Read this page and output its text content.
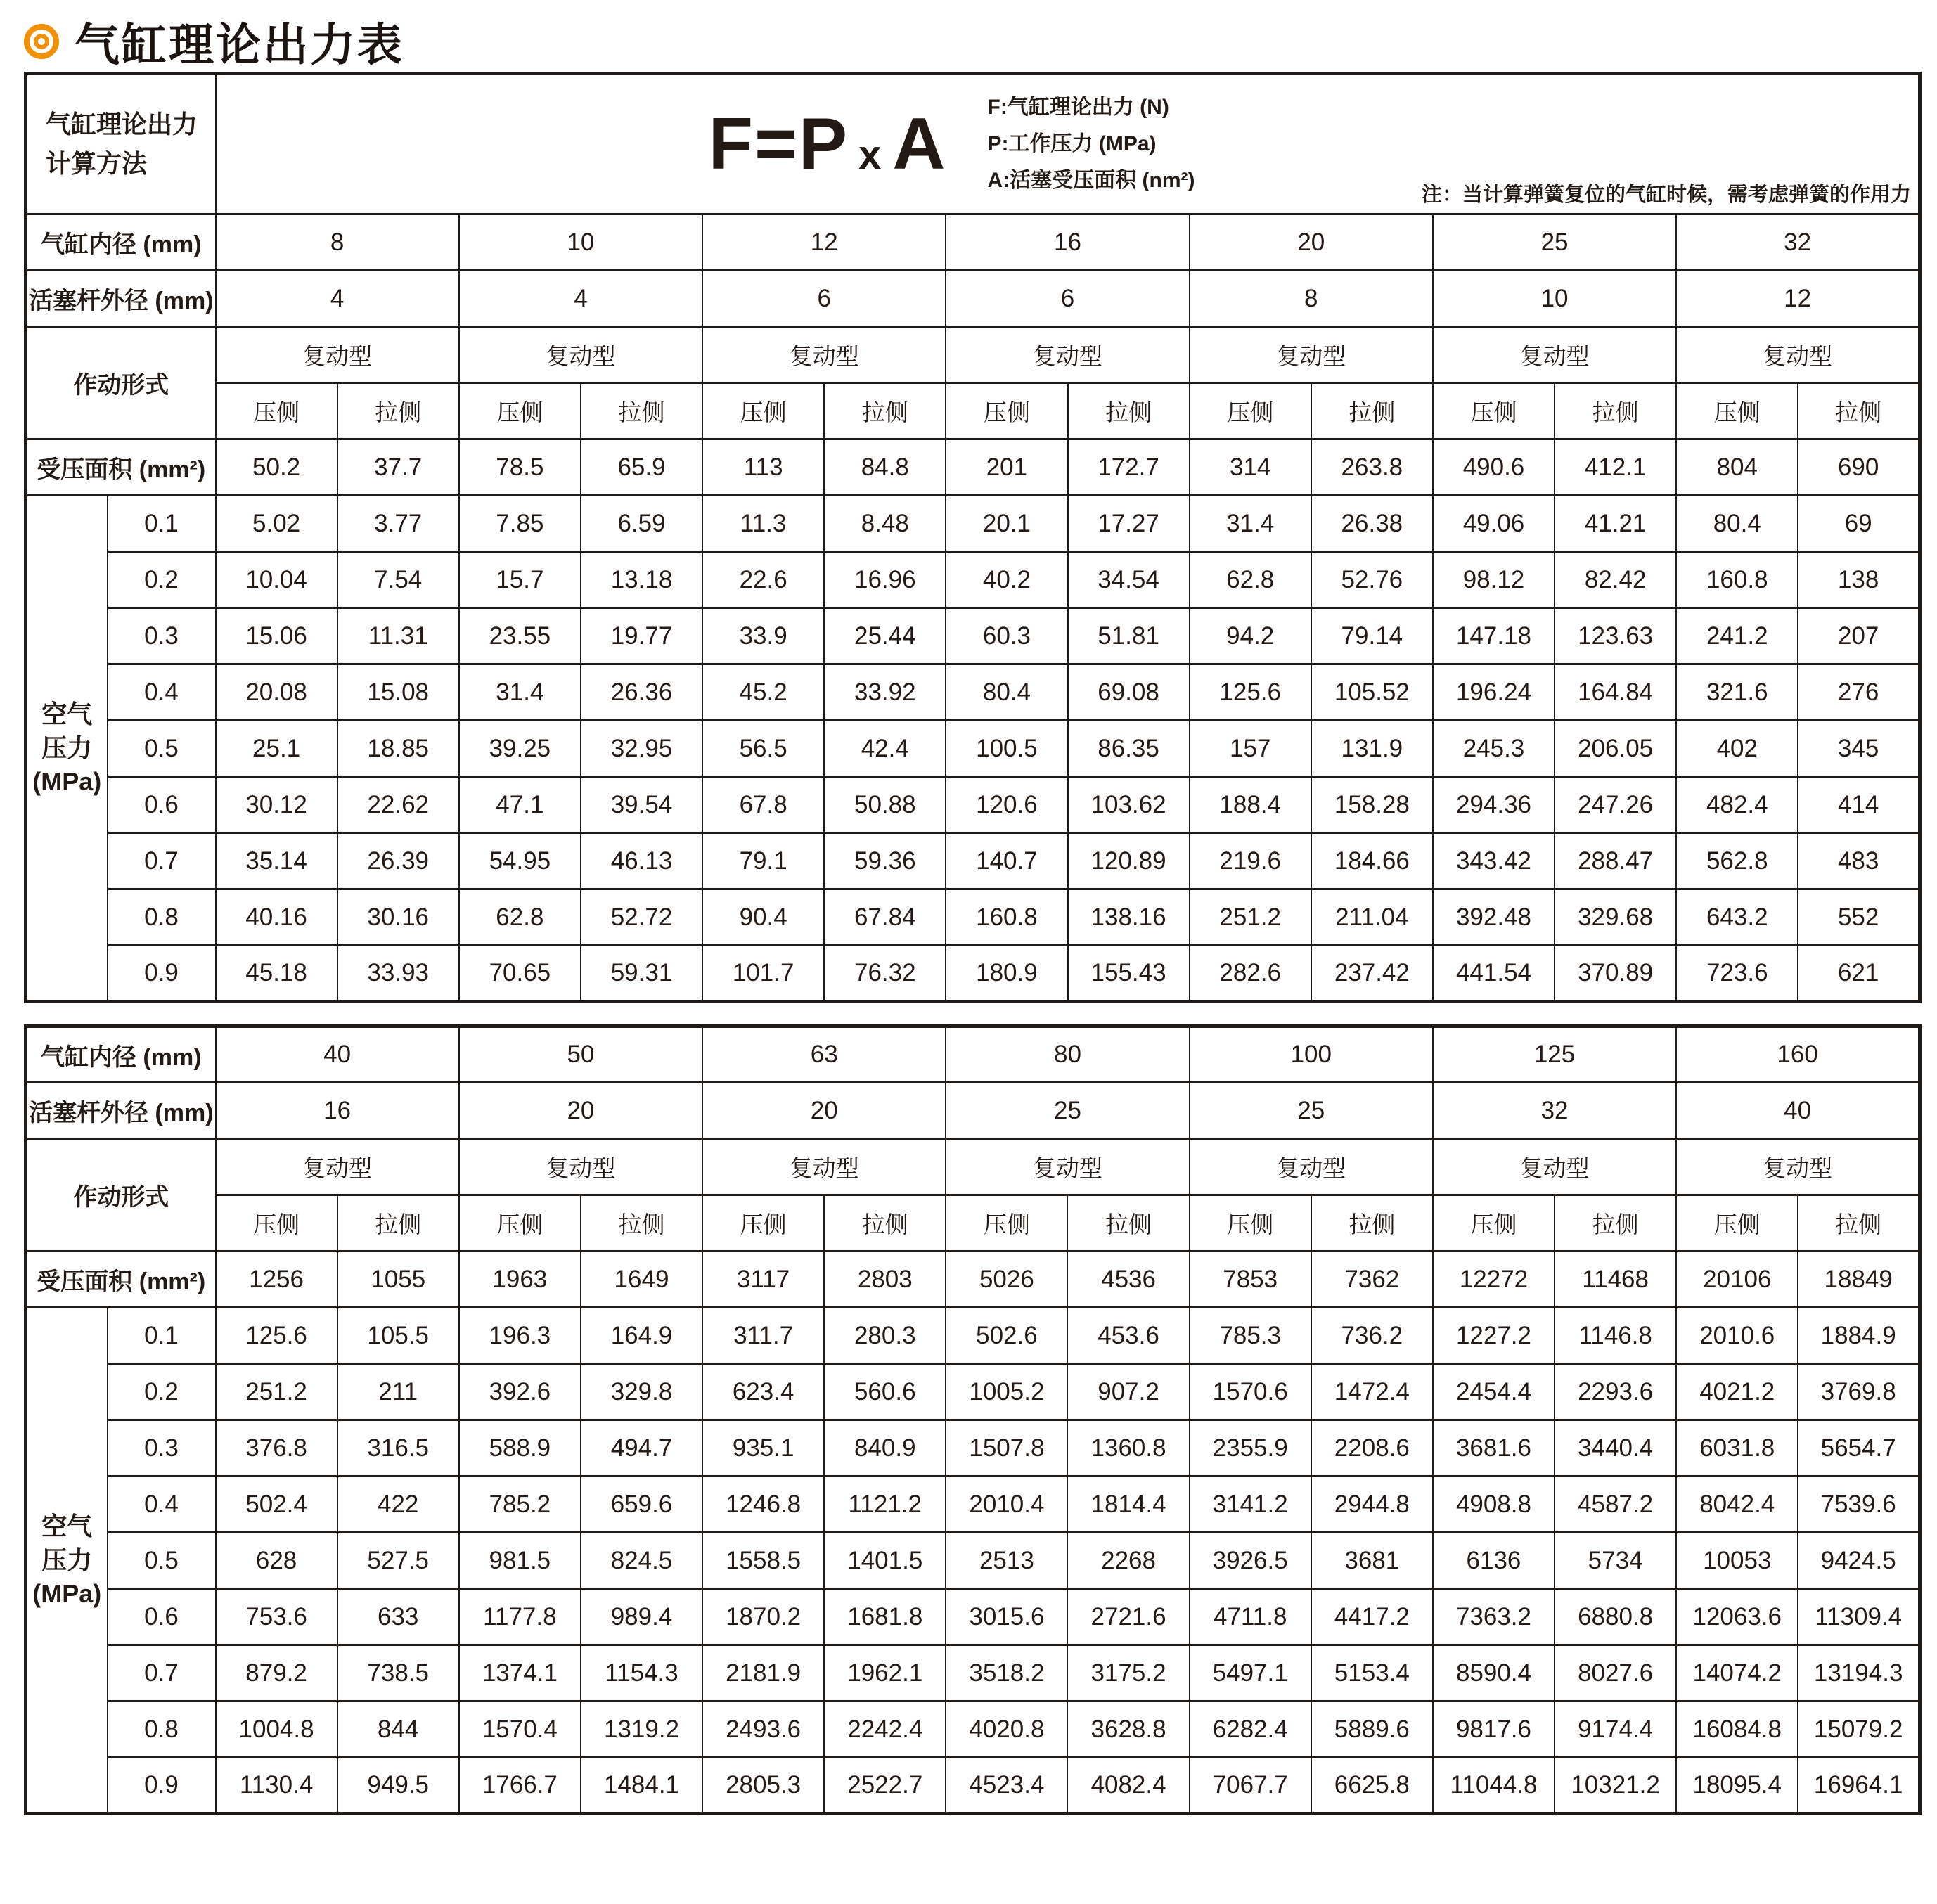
气缸理论出力表
气缸理论出力
计算方法	F=P x A F:气缸理论出力 (N)
P:工作压力 (MPa)
A:活塞受压面积 (nm²)
注：当计算弹簧复位的气缸时候，需考虑弹簧的作用力

气缸内径 (mm)		8		10		12		16		20		25		32	
活塞杆外径 (mm)		4		4		6		6		8		10		12	
作动形式		复动型		复动型		复动型		复动型		复动型		复动型		复动型	
		压侧	拉侧	压侧	拉侧	压侧	拉侧	压侧	拉侧	压侧	拉侧	压侧	拉侧	压侧	拉侧
受压面积 (mm²)		50.2	37.7	78.5	65.9	113	84.8	201	172.7	314	263.8	490.6	412.1	804	690

空气
压力
(MPa)	0.1	5.02	3.77	7.85	6.59	11.3	8.48	20.1	17.27	31.4	26.38	49.06	41.21	80.4	69
	0.2	10.04	7.54	15.7	13.18	22.6	16.96	40.2	34.54	62.8	52.76	98.12	82.42	160.8	138
	0.3	15.06	11.31	23.55	19.77	33.9	25.44	60.3	51.81	94.2	79.14	147.18	123.63	241.2	207
	0.4	20.08	15.08	31.4	26.36	45.2	33.92	80.4	69.08	125.6	105.52	196.24	164.84	321.6	276
	0.5	25.1	18.85	39.25	32.95	56.5	42.4	100.5	86.35	157	131.9	245.3	206.05	402	345
	0.6	30.12	22.62	47.1	39.54	67.8	50.88	120.6	103.62	188.4	158.28	294.36	247.26	482.4	414
	0.7	35.14	26.39	54.95	46.13	79.1	59.36	140.7	120.89	219.6	184.66	343.42	288.47	562.8	483
	0.8	40.16	30.16	62.8	52.72	90.4	67.84	160.8	138.16	251.2	211.04	392.48	329.68	643.2	552
	0.9	45.18	33.93	70.65	59.31	101.7	76.32	180.9	155.43	282.6	237.42	441.54	370.89	723.6	621
气缸内径 (mm)		40		50		63		80		100		125		160	
活塞杆外径 (mm)		16		20		20		25		25		32		40	
作动形式		复动型		复动型		复动型		复动型		复动型		复动型		复动型	
		压侧	拉侧	压侧	拉侧	压侧	拉侧	压侧	拉侧	压侧	拉侧	压侧	拉侧	压侧	拉侧
受压面积 (mm²)		1256	1055	1963	1649	3117	2803	5026	4536	7853	7362	12272	11468	20106	18849

空气
压力
(MPa)	0.1	125.6	105.5	196.3	164.9	311.7	280.3	502.6	453.6	785.3	736.2	1227.2	1146.8	2010.6	1884.9
	0.2	251.2	211	392.6	329.8	623.4	560.6	1005.2	907.2	1570.6	1472.4	2454.4	2293.6	4021.2	3769.8
	0.3	376.8	316.5	588.9	494.7	935.1	840.9	1507.8	1360.8	2355.9	2208.6	3681.6	3440.4	6031.8	5654.7
	0.4	502.4	422	785.2	659.6	1246.8	1121.2	2010.4	1814.4	3141.2	2944.8	4908.8	4587.2	8042.4	7539.6
	0.5	628	527.5	981.5	824.5	1558.5	1401.5	2513	2268	3926.5	3681	6136	5734	10053	9424.5
	0.6	753.6	633	1177.8	989.4	1870.2	1681.8	3015.6	2721.6	4711.8	4417.2	7363.2	6880.8	12063.6	11309.4
	0.7	879.2	738.5	1374.1	1154.3	2181.9	1962.1	3518.2	3175.2	5497.1	5153.4	8590.4	8027.6	14074.2	13194.3
	0.8	1004.8	844	1570.4	1319.2	2493.6	2242.4	4020.8	3628.8	6282.4	5889.6	9817.6	9174.4	16084.8	15079.2
	0.9	1130.4	949.5	1766.7	1484.1	2805.3	2522.7	4523.4	4082.4	7067.7	6625.8	11044.8	10321.2	18095.4	16964.1
